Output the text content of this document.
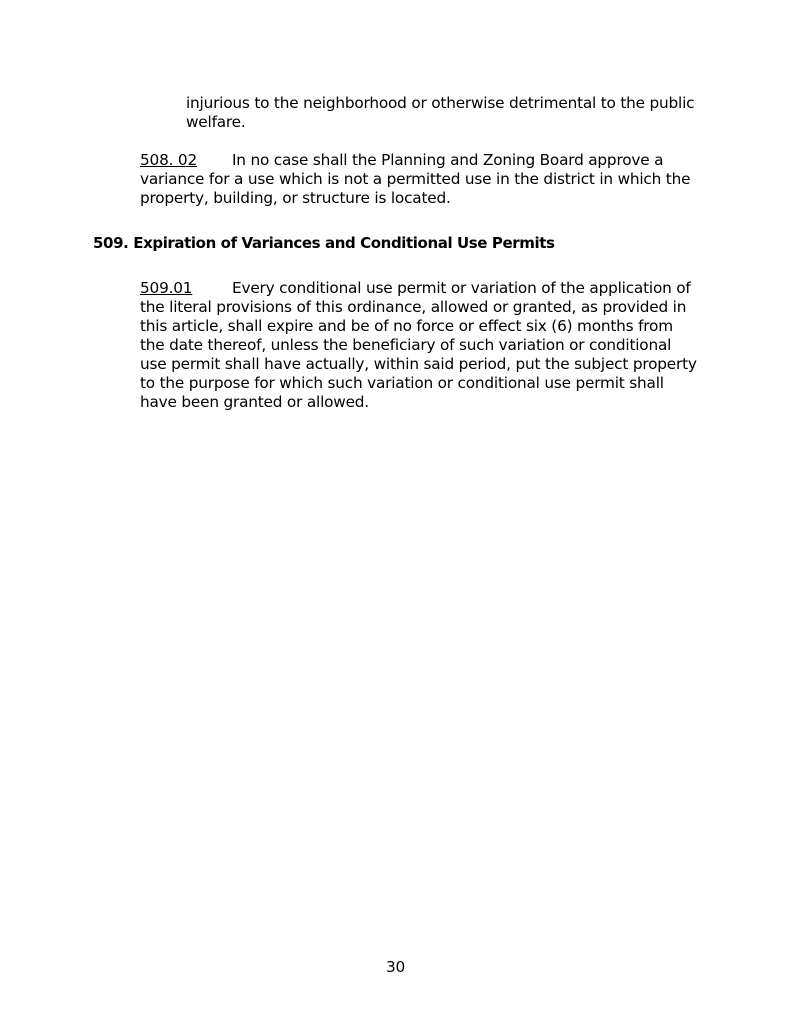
injurious to the neighborhood or otherwise detrimental to the public welfare.

508. 02 In no case shall the Planning and Zoning Board approve a variance for a use which is not a permitted use in the district in which the property, building, or structure is located.

509. Expiration of Variances and Conditional Use Permits

509.01	Every conditional use permit or variation of the application of the literal provisions of this ordinance, allowed or granted, as provided in this article, shall expire and be of no force or effect six (6) months from the date thereof, unless the beneficiary of such variation or conditional use permit shall have actually, within said period, put the subject property to the purpose for which such variation or conditional use permit shall have been granted or allowed.

30
